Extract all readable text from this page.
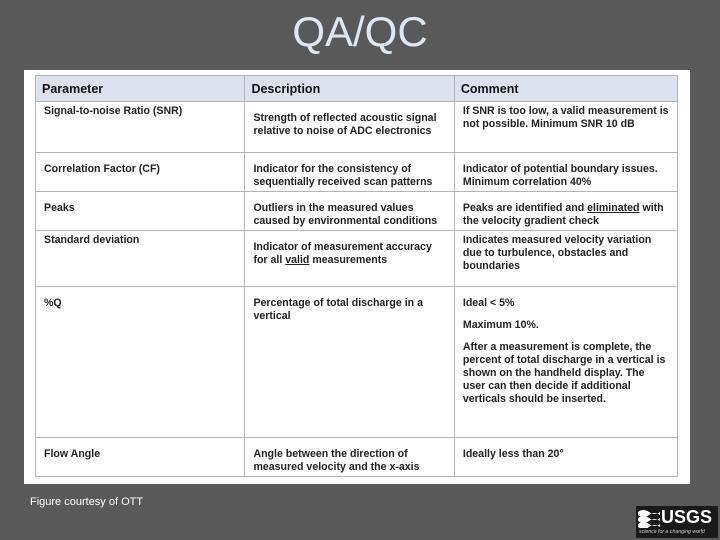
QA/QC
Parameter	Description	Comment
Signal-to-noise Ratio (SNR)	Strength of reflected acoustic signal relative to noise of ADC electronics	If SNR is too low, a valid measurement is not possible. Minimum SNR 10 dB
Correlation Factor (CF)	Indicator for the consistency of sequentially received scan patterns	Indicator of potential boundary issues. Minimum correlation 40%
Peaks	Outliers in the measured values caused by environmental conditions	Peaks are identified and eliminated with the velocity gradient check
Standard deviation	Indicator of measurement accuracy for all valid measurements	Indicates measured velocity variation due to turbulence, obstacles and boundaries
%Q	Percentage of total discharge in a vertical	Ideal < 5%
Maximum 10%.
After a measurement is complete, the percent of total discharge in a vertical is shown on the handheld display. The user can then decide if additional verticals should be inserted.

Flow Angle	Angle between the direction of measured velocity and the x-axis	Ideally less than 20°
Figure courtesy of OTT
USGS
science for a changing world
